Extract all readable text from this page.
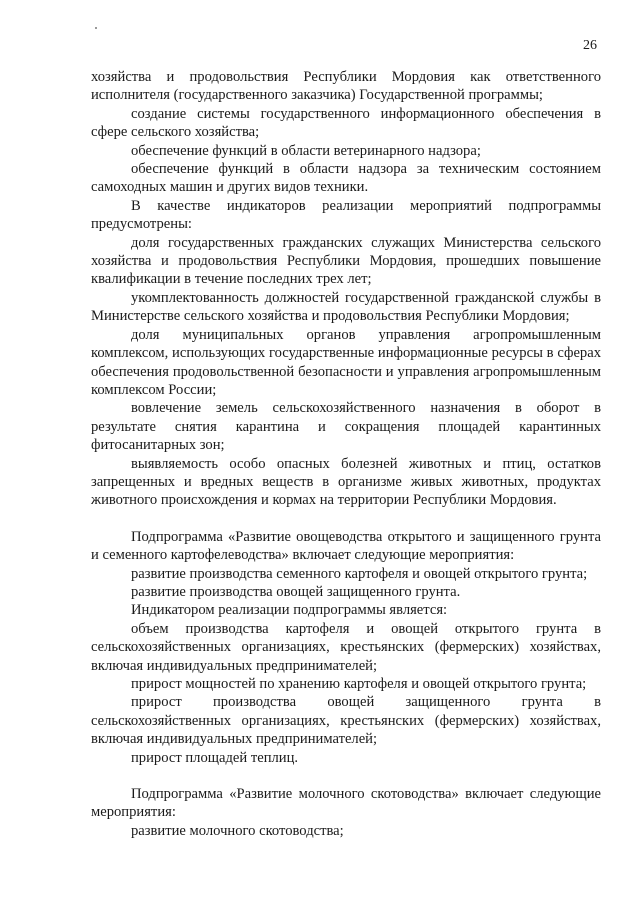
26

хозяйства и продовольствия Республики Мордовия как ответственного исполнителя (государственного заказчика) Государственной программы;

создание системы государственного информационного обеспечения в сфере сельского хозяйства;

обеспечение функций в области ветеринарного надзора;

обеспечение функций в области надзора за техническим состоянием самоходных машин и других видов техники.

В качестве индикаторов реализации мероприятий подпрограммы предусмотрены:

доля государственных гражданских служащих Министерства сельского хозяйства и продовольствия Республики Мордовия, прошедших повышение квалификации в течение последних трех лет;

укомплектованность должностей государственной гражданской службы в Министерстве сельского хозяйства и продовольствия Республики Мордовия;

доля муниципальных органов управления агропромышленным комплексом, использующих государственные информационные ресурсы в сферах обеспечения продовольственной безопасности и управления агропромышленным комплексом России;

вовлечение земель сельскохозяйственного назначения в оборот в результате снятия карантина и сокращения площадей карантинных фитосанитарных зон;

выявляемость особо опасных болезней животных и птиц, остатков запрещенных и вредных веществ в организме живых животных, продуктах животного происхождения и кормах на территории Республики Мордовия.

Подпрограмма «Развитие овощеводства открытого и защищенного грунта и семенного картофелеводства» включает следующие мероприятия:

развитие производства семенного картофеля и овощей открытого грунта;

развитие производства овощей защищенного грунта.

Индикатором реализации подпрограммы является:

объем производства картофеля и овощей открытого грунта в сельскохозяйственных организациях, крестьянских (фермерских) хозяйствах, включая индивидуальных предпринимателей;

прирост мощностей по хранению картофеля и овощей открытого грунта;

прирост производства овощей защищенного грунта в сельскохозяйственных организациях, крестьянских (фермерских) хозяйствах, включая индивидуальных предпринимателей;

прирост площадей теплиц.

Подпрограмма «Развитие молочного скотоводства» включает следующие мероприятия:

развитие молочного скотоводства;
